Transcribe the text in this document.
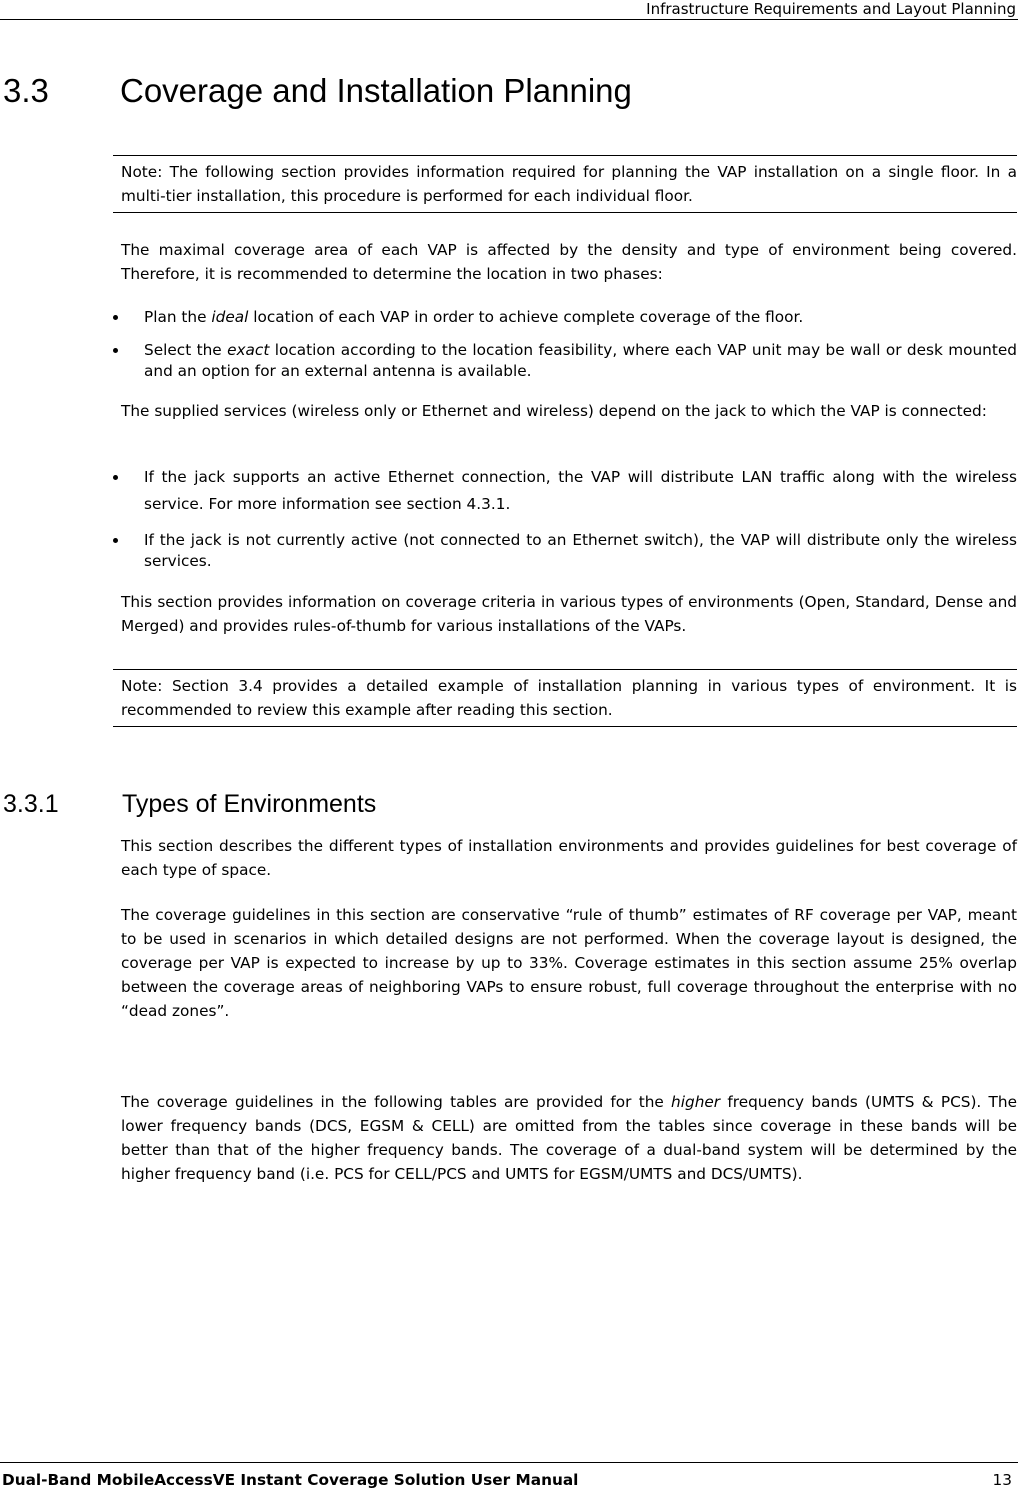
Infrastructure Requirements and Layout Planning
3.3 Coverage and Installation Planning
Note: The following section provides information required for planning the VAP installation on a single floor. In a multi-tier installation, this procedure is performed for each individual floor.

The maximal coverage area of each VAP is affected by the density and type of environment being covered. Therefore, it is recommended to determine the location in two phases:

Plan the ideal location of each VAP in order to achieve complete coverage of the floor.
Select the exact location according to the location feasibility, where each VAP unit may be wall or desk mounted and an option for an external antenna is available.

The supplied services (wireless only or Ethernet and wireless) depend on the jack to which the VAP is connected:

If the jack supports an active Ethernet connection, the VAP will distribute LAN traffic along with the wireless service. For more information see section 4.3.1.
If the jack is not currently active (not connected to an Ethernet switch), the VAP will distribute only the wireless services.

This section provides information on coverage criteria in various types of environments (Open, Standard, Dense and Merged) and provides rules-of-thumb for various installations of the VAPs.

Note: Section 3.4 provides a detailed example of installation planning in various types of environment. It is recommended to review this example after reading this section.
3.3.1	Types of Environments

This section describes the different types of installation environments and provides guidelines for best coverage of each type of space.

The coverage guidelines in this section are conservative “rule of thumb” estimates of RF coverage per VAP, meant to be used in scenarios in which detailed designs are not performed. When the coverage layout is designed, the coverage per VAP is expected to increase by up to 33%. Coverage estimates in this section assume 25% overlap between the coverage areas of neighboring VAPs to ensure robust, full coverage throughout the enterprise with no “dead zones”.

The coverage guidelines in the following tables are provided for the higher frequency bands (UMTS & PCS). The lower frequency bands (DCS, EGSM & CELL) are omitted from the tables since coverage in these bands will be better than that of the higher frequency bands. The coverage of a dual-band system will be determined by the higher frequency band (i.e. PCS for CELL/PCS and UMTS for EGSM/UMTS and DCS/UMTS).

Dual-Band MobileAccessVE Instant Coverage Solution User Manual	13
